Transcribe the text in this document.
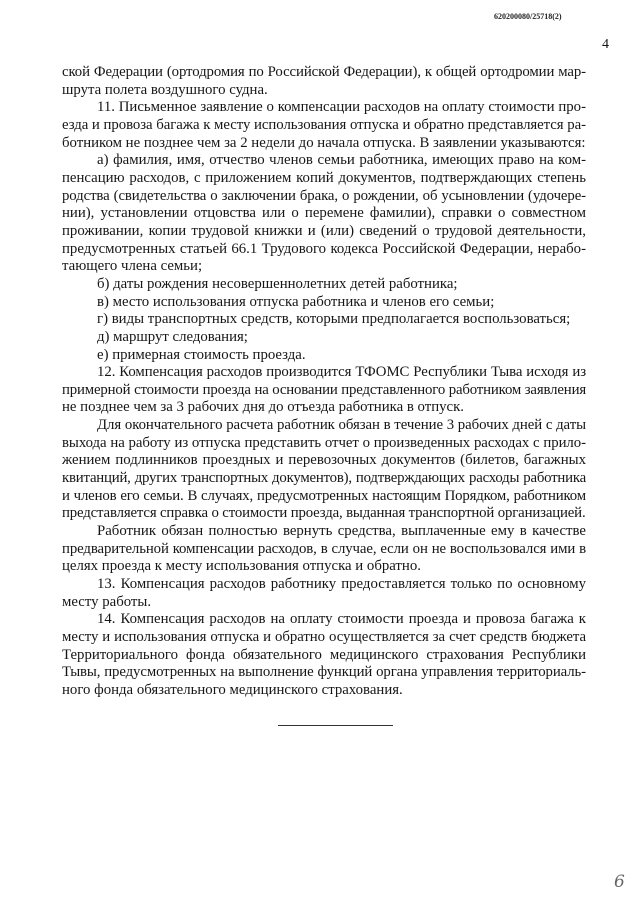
620200080/25718(2)
4
ской Федерации (ортодромия по Российской Федерации), к общей ортодромии мар-
шрута полета воздушного судна.
11. Письменное заявление о компенсации расходов на оплату стоимости про-
езда и провоза багажа к месту использования отпуска и обратно представляется ра-
ботником не позднее чем за 2 недели до начала отпуска. В заявлении указываются:
а) фамилия, имя, отчество членов семьи работника, имеющих право на ком-
пенсацию расходов, с приложением копий документов, подтверждающих степень
родства (свидетельства о заключении брака, о рождении, об усыновлении (удочере-
нии), установлении отцовства или о перемене фамилии), справки о совместном
проживании, копии трудовой книжки и (или) сведений о трудовой деятельности,
предусмотренных статьей 66.1 Трудового кодекса Российской Федерации, нерабо-
тающего члена семьи;
б) даты рождения несовершеннолетних детей работника;
в) место использования отпуска работника и членов его семьи;
г) виды транспортных средств, которыми предполагается воспользоваться;
д) маршрут следования;
е) примерная стоимость проезда.
12. Компенсация расходов производится ТФОМС Республики Тыва исходя из
примерной стоимости проезда на основании представленного работником заявления
не позднее чем за 3 рабочих дня до отъезда работника в отпуск.
Для окончательного расчета работник обязан в течение 3 рабочих дней с даты
выхода на работу из отпуска представить отчет о произведенных расходах с прило-
жением подлинников проездных и перевозочных документов (билетов, багажных
квитанций, других транспортных документов), подтверждающих расходы работника
и членов его семьи. В случаях, предусмотренных настоящим Порядком, работником
представляется справка о стоимости проезда, выданная транспортной организацией.
Работник обязан полностью вернуть средства, выплаченные ему в качестве
предварительной компенсации расходов, в случае, если он не воспользовался ими в
целях проезда к месту использования отпуска и обратно.
13. Компенсация расходов работнику предоставляется только по основному
месту работы.
14. Компенсация расходов на оплату стоимости проезда и провоза багажа к
месту и использования отпуска и обратно осуществляется за счет средств бюджета
Территориального фонда обязательного медицинского страхования Республики
Тывы, предусмотренных на выполнение функций органа управления территориаль-
ного фонда обязательного медицинского страхования.
6
